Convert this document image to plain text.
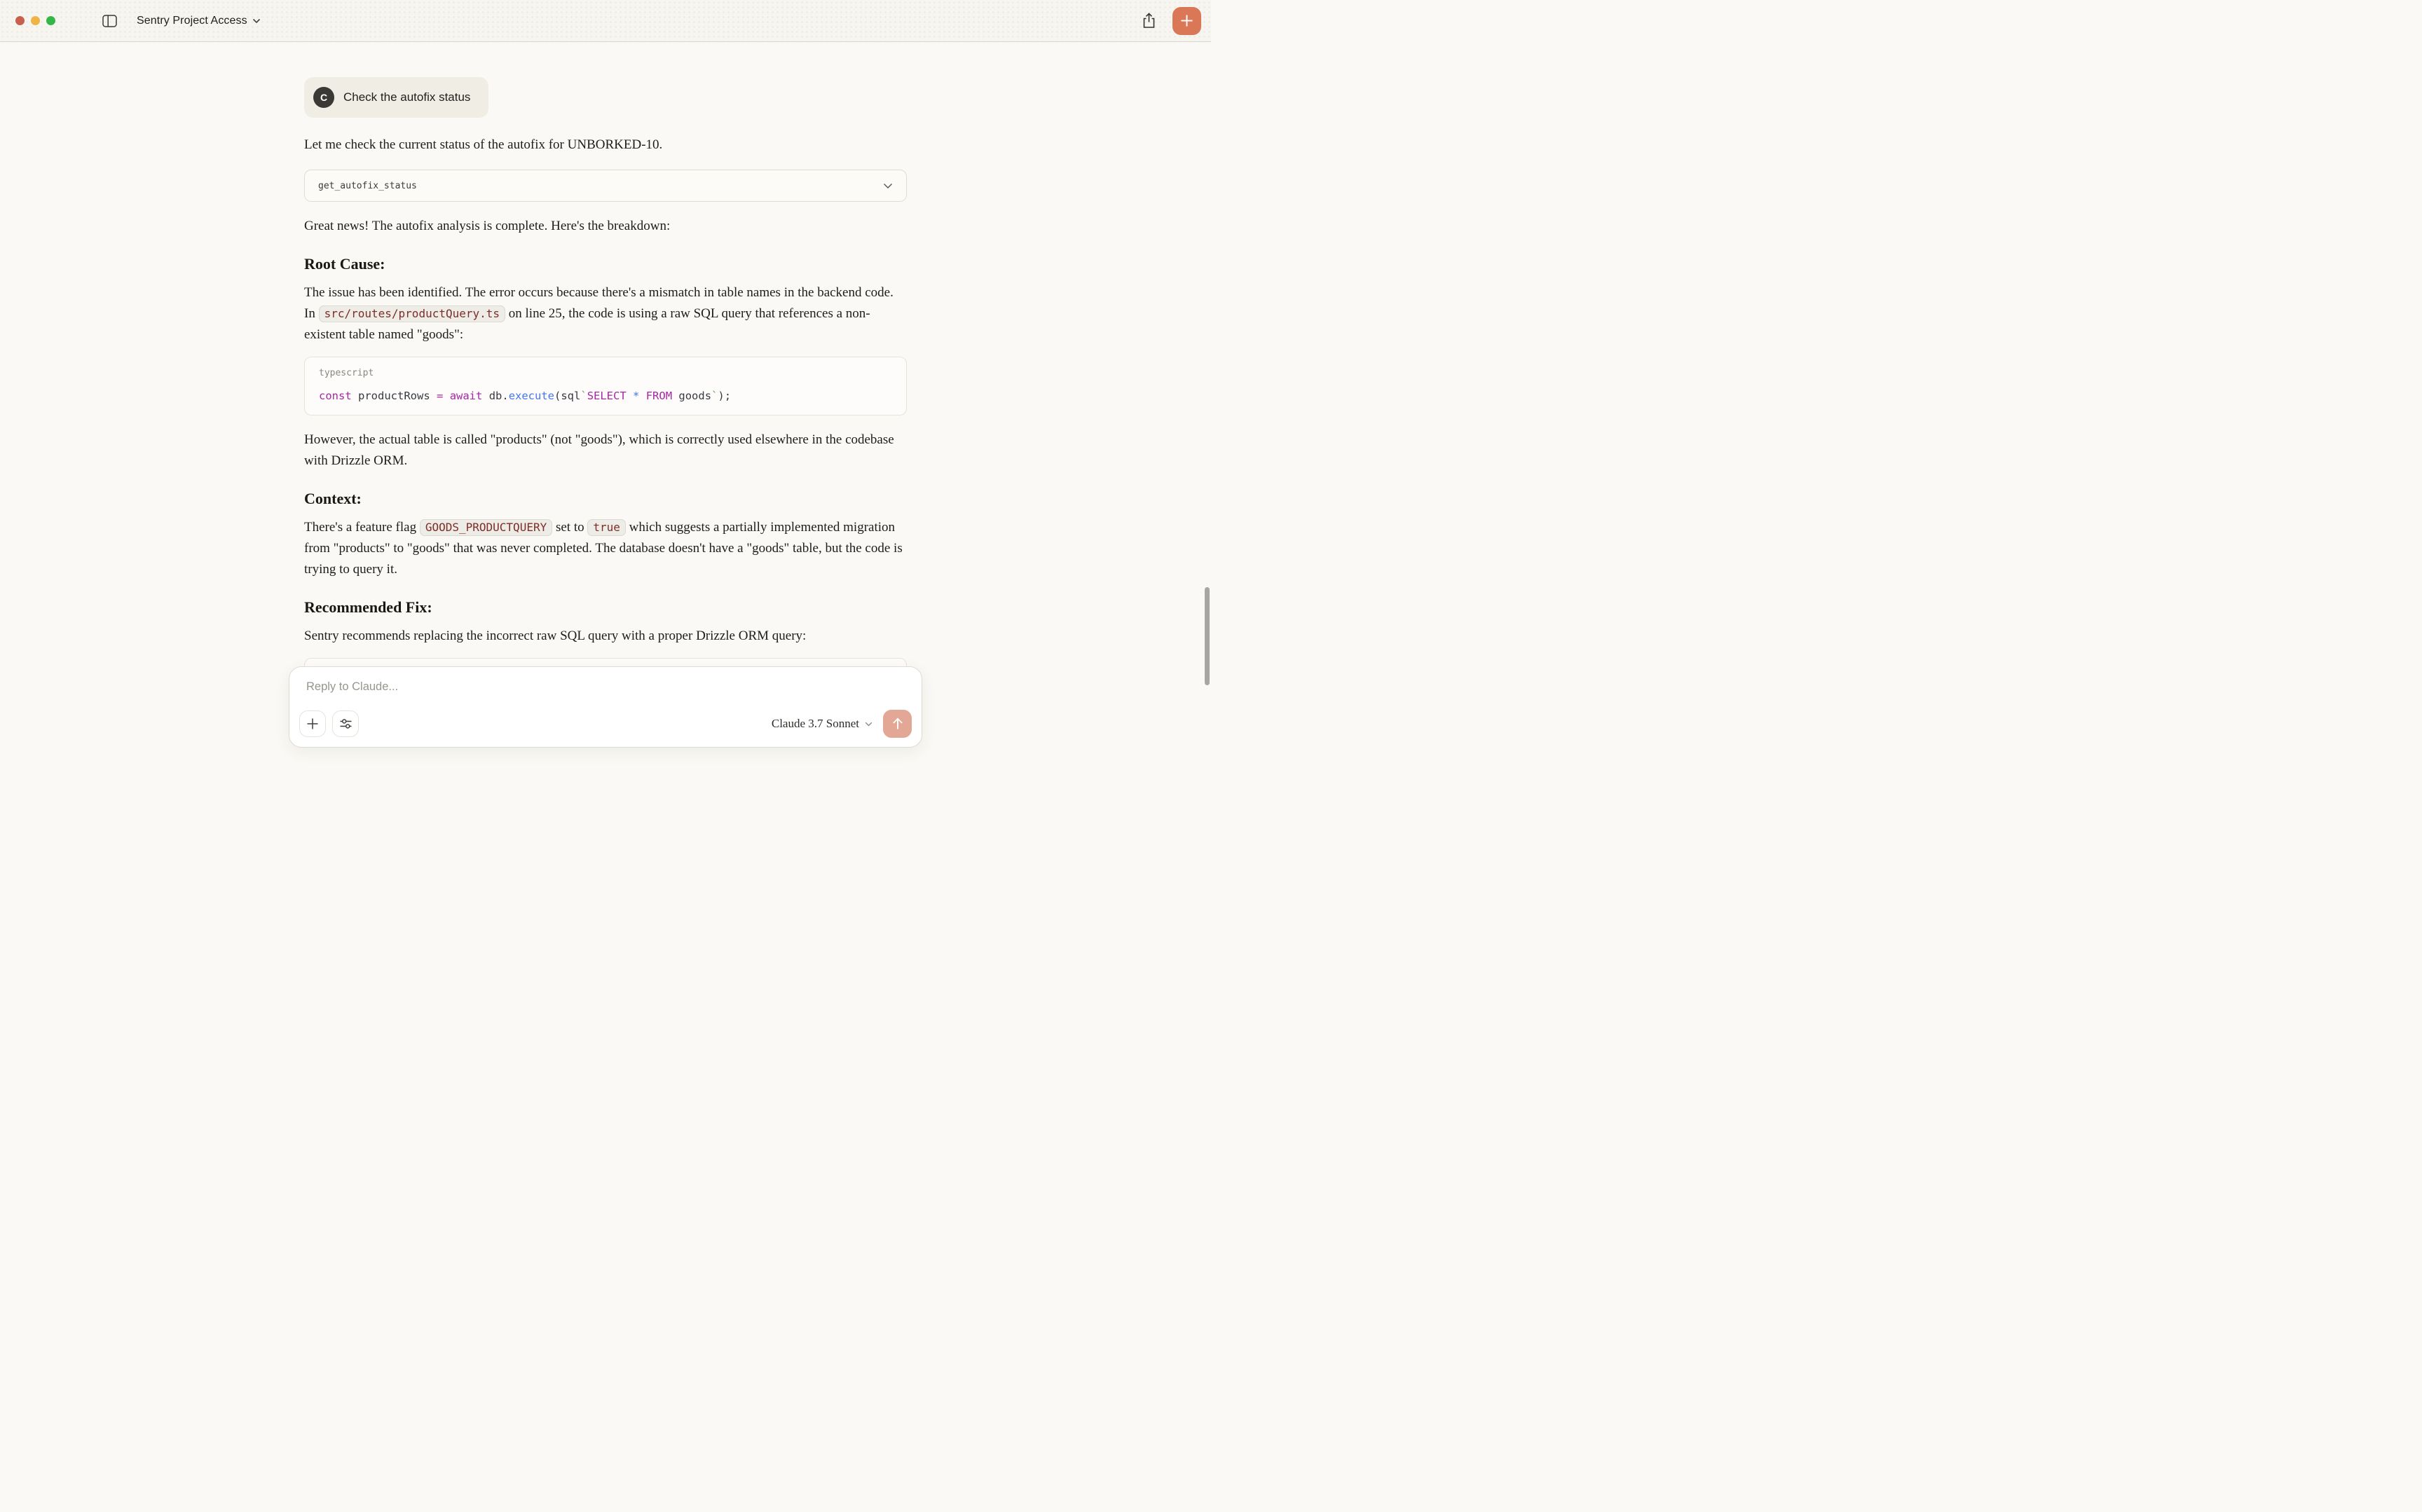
Sentry Project Access
C	Check the autofix status

Let me check the current status of the autofix for UNBORKED-10.

get_autofix_status

Great news! The autofix analysis is complete. Here's the breakdown:

Root Cause:

The issue has been identified. The error occurs because there's a mismatch in table names in the backend code. In src/routes/productQuery.ts on line 25, the code is using a raw SQL query that references a non-existent table named "goods":

typescript
const productRows = await db.execute(sql`SELECT * FROM goods`);

However, the actual table is called "products" (not "goods"), which is correctly used elsewhere in the codebase with Drizzle ORM.

Context:

There's a feature flag GOODS_PRODUCTQUERY set to true which suggests a partially implemented migration from "products" to "goods" that was never completed. The database doesn't have a "goods" table, but the code is trying to query it.

Recommended Fix:

Sentry recommends replacing the incorrect raw SQL query with a proper Drizzle ORM query:

Reply to Claude...
Claude 3.7 Sonnet
